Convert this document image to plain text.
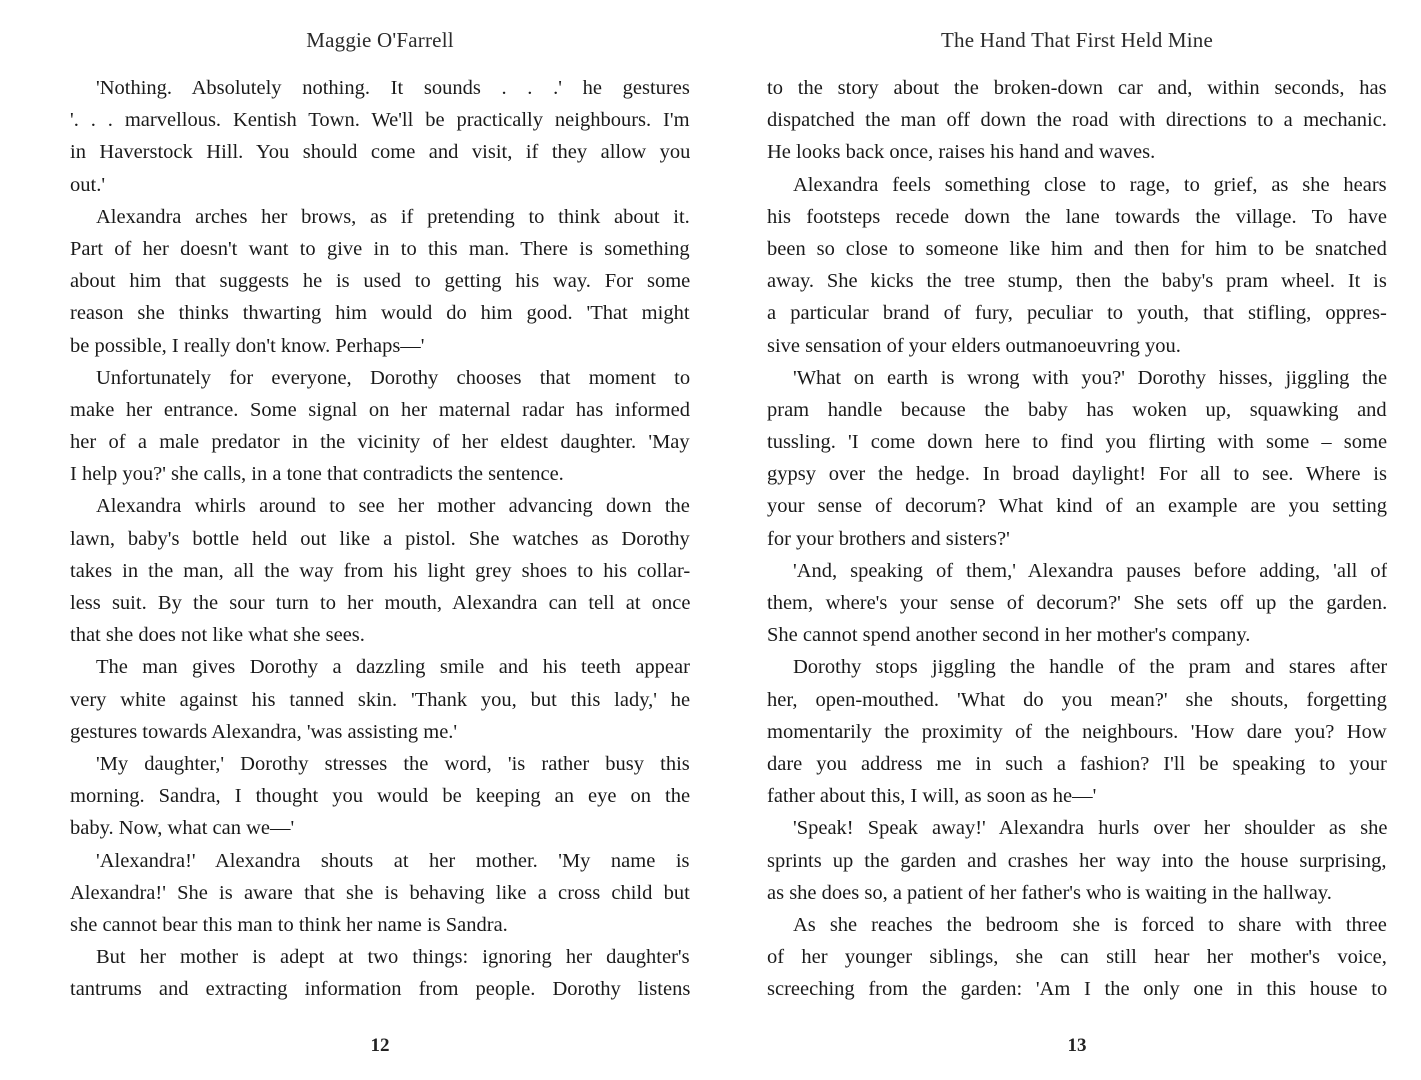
Maggie O'Farrell
'Nothing. Absolutely nothing. It sounds . . .' he gestures
'. . . marvellous. Kentish Town. We'll be practically neighbours. I'm
in Haverstock Hill. You should come and visit, if they allow you
out.'
Alexandra arches her brows, as if pretending to think about it.
Part of her doesn't want to give in to this man. There is something
about him that suggests he is used to getting his way. For some
reason she thinks thwarting him would do him good. 'That might
be possible, I really don't know. Perhaps—'
Unfortunately for everyone, Dorothy chooses that moment to
make her entrance. Some signal on her maternal radar has informed
her of a male predator in the vicinity of her eldest daughter. 'May
I help you?' she calls, in a tone that contradicts the sentence.
Alexandra whirls around to see her mother advancing down the
lawn, baby's bottle held out like a pistol. She watches as Dorothy
takes in the man, all the way from his light grey shoes to his collar-
less suit. By the sour turn to her mouth, Alexandra can tell at once
that she does not like what she sees.
The man gives Dorothy a dazzling smile and his teeth appear
very white against his tanned skin. 'Thank you, but this lady,' he
gestures towards Alexandra, 'was assisting me.'
'My daughter,' Dorothy stresses the word, 'is rather busy this
morning. Sandra, I thought you would be keeping an eye on the
baby. Now, what can we—'
'Alexandra!' Alexandra shouts at her mother. 'My name is
Alexandra!' She is aware that she is behaving like a cross child but
she cannot bear this man to think her name is Sandra.
But her mother is adept at two things: ignoring her daughter's
tantrums and extracting information from people. Dorothy listens
12
The Hand That First Held Mine
to the story about the broken-down car and, within seconds, has
dispatched the man off down the road with directions to a mechanic.
He looks back once, raises his hand and waves.
Alexandra feels something close to rage, to grief, as she hears
his footsteps recede down the lane towards the village. To have
been so close to someone like him and then for him to be snatched
away. She kicks the tree stump, then the baby's pram wheel. It is
a particular brand of fury, peculiar to youth, that stifling, oppres-
sive sensation of your elders outmanoeuvring you.
'What on earth is wrong with you?' Dorothy hisses, jiggling the
pram handle because the baby has woken up, squawking and
tussling. 'I come down here to find you flirting with some – some
gypsy over the hedge. In broad daylight! For all to see. Where is
your sense of decorum? What kind of an example are you setting
for your brothers and sisters?'
'And, speaking of them,' Alexandra pauses before adding, 'all of
them, where's your sense of decorum?' She sets off up the garden.
She cannot spend another second in her mother's company.
Dorothy stops jiggling the handle of the pram and stares after
her, open-mouthed. 'What do you mean?' she shouts, forgetting
momentarily the proximity of the neighbours. 'How dare you? How
dare you address me in such a fashion? I'll be speaking to your
father about this, I will, as soon as he—'
'Speak! Speak away!' Alexandra hurls over her shoulder as she
sprints up the garden and crashes her way into the house surprising,
as she does so, a patient of her father's who is waiting in the hallway.
As she reaches the bedroom she is forced to share with three
of her younger siblings, she can still hear her mother's voice,
screeching from the garden: 'Am I the only one in this house to
13
